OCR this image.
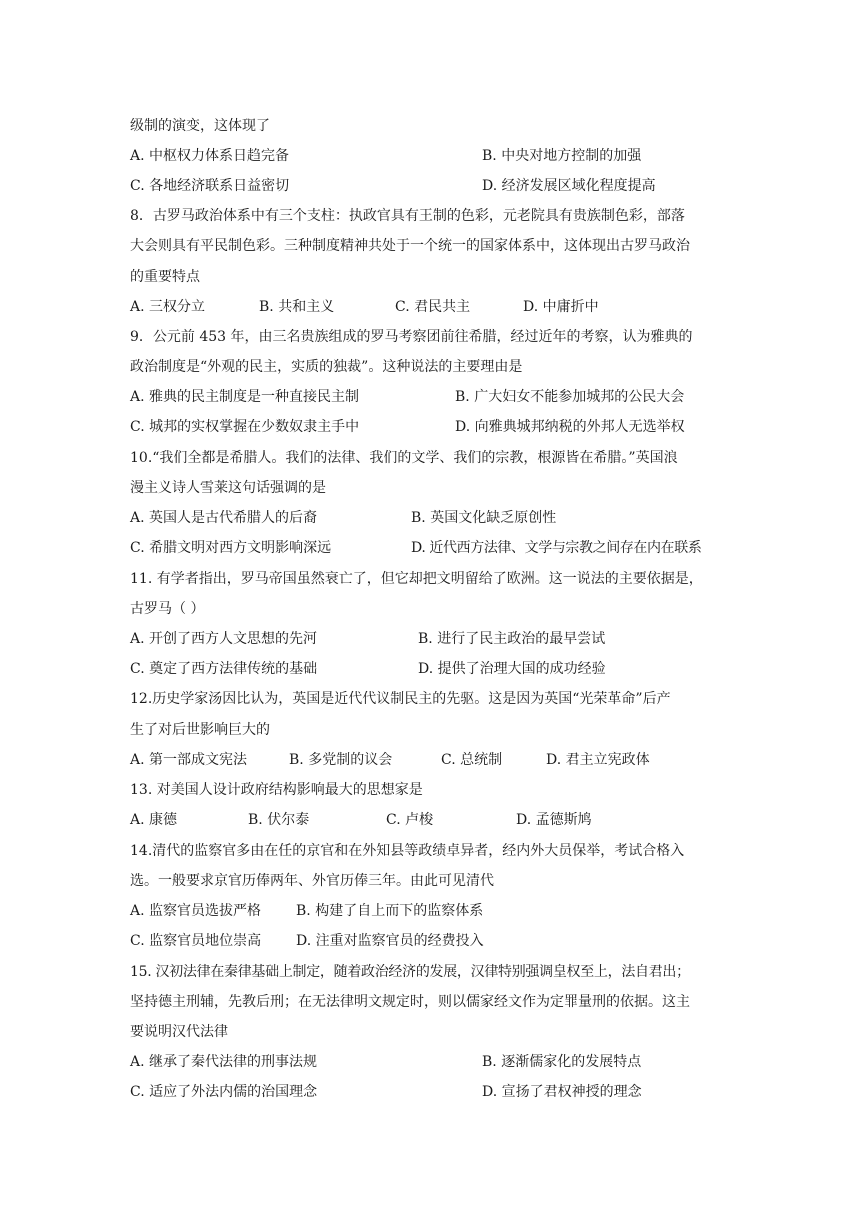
级制的演变，这体现了
A. 中枢权力体系日趋完备	B. 中央对地方控制的加强
C. 各地经济联系日益密切	D. 经济发展区域化程度提高
8．古罗马政治体系中有三个支柱：执政官具有王制的色彩，元老院具有贵族制色彩，部落
大会则具有平民制色彩。三种制度精神共处于一个统一的国家体系中，这体现出古罗马政治
的重要特点
A. 三权分立	B. 共和主义	C. 君民共主	D. 中庸折中
9．公元前 453 年，由三名贵族组成的罗马考察团前往希腊，经过近年的考察，认为雅典的
政治制度是“外观的民主，实质的独裁”。这种说法的主要理由是
A. 雅典的民主制度是一种直接民主制	B. 广大妇女不能参加城邦的公民大会
C. 城邦的实权掌握在少数奴隶主手中	D. 向雅典城邦纳税的外邦人无选举权
10.“我们全都是希腊人。我们的法律、我们的文学、我们的宗教，根源皆在希腊。”英国浪
漫主义诗人雪莱这句话强调的是
A. 英国人是古代希腊人的后裔	B. 英国文化缺乏原创性
C. 希腊文明对西方文明影响深远	D. 近代西方法律、文学与宗教之间存在内在联系
11. 有学者指出，罗马帝国虽然衰亡了，但它却把文明留给了欧洲。这一说法的主要依据是，
古罗马（ ）
A. 开创了西方人文思想的先河	B. 进行了民主政治的最早尝试
C. 奠定了西方法律传统的基础	D. 提供了治理大国的成功经验
12.历史学家汤因比认为，英国是近代代议制民主的先驱。这是因为英国“光荣革命”后产
生了对后世影响巨大的
A. 第一部成文宪法	B. 多党制的议会	C. 总统制	D. 君主立宪政体
13. 对美国人设计政府结构影响最大的思想家是
A. 康德	B. 伏尔泰	C. 卢梭	D. 孟德斯鸠
14.清代的监察官多由在任的京官和在外知县等政绩卓异者，经内外大员保举，考试合格入
选。一般要求京官历俸两年、外官历俸三年。由此可见清代
A. 监察官员选拔严格 B. 构建了自上而下的监察体系
C. 监察官员地位崇高 D. 注重对监察官员的经费投入
15. 汉初法律在秦律基础上制定，随着政治经济的发展，汉律特别强调皇权至上，法自君出；
坚持德主刑辅，先教后刑；在无法律明文规定时，则以儒家经文作为定罪量刑的依据。这主
要说明汉代法律
A. 继承了秦代法律的刑事法规	B. 逐渐儒家化的发展特点
C. 适应了外法内儒的治国理念	D. 宣扬了君权神授的理念
